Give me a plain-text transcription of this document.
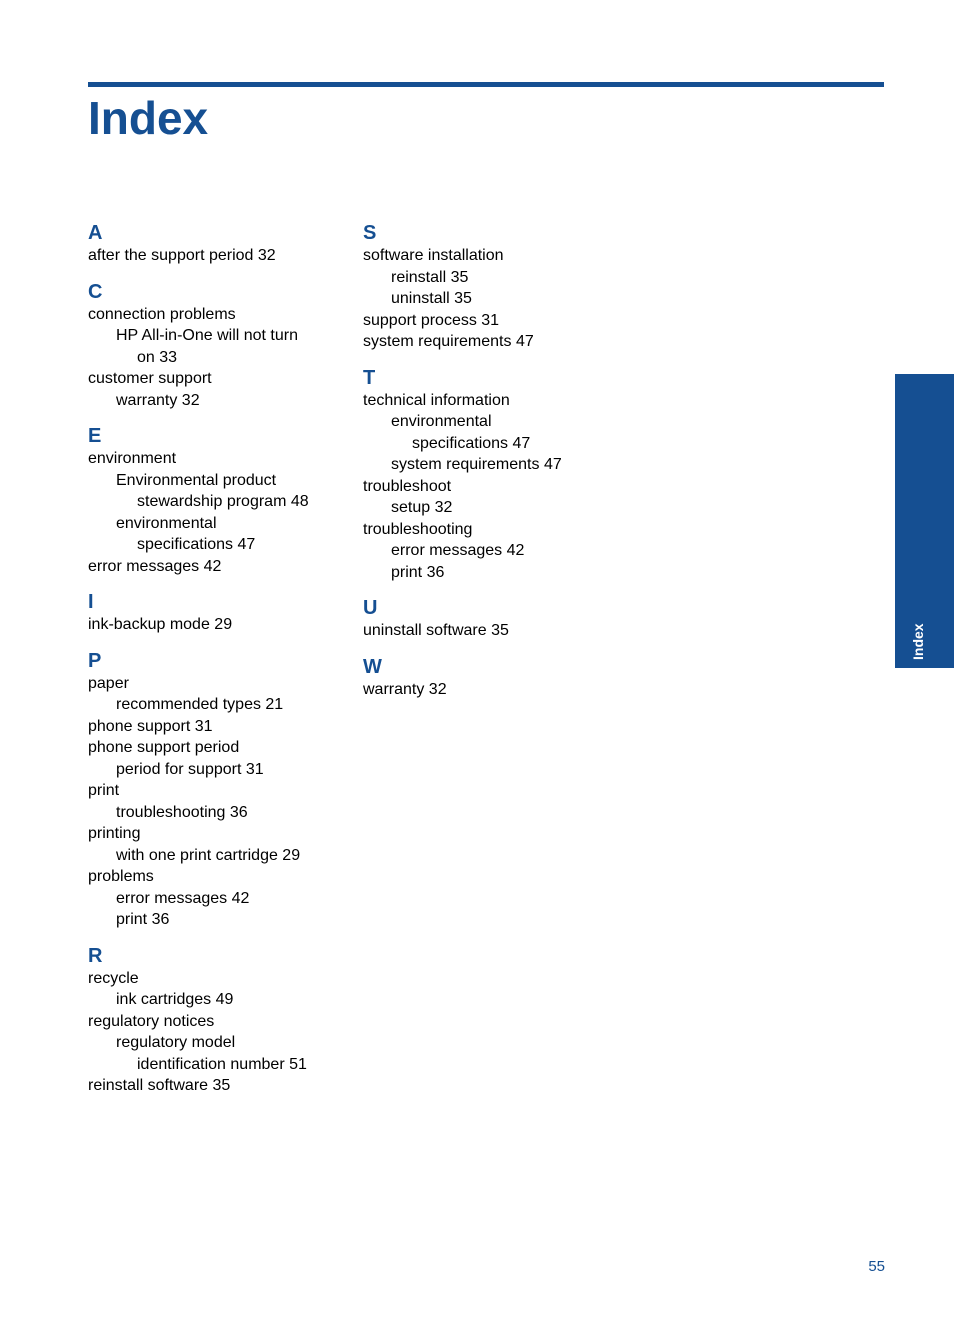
Index
A
after the support period 32
C
connection problems
HP All-in-One will not turn
on 33
customer support
warranty 32
E
environment
Environmental product
stewardship program 48
environmental
specifications 47
error messages 42
I
ink-backup mode 29
P
paper
recommended types 21
phone support 31
phone support period
period for support 31
print
troubleshooting 36
printing
with one print cartridge 29
problems
error messages 42
print 36
R
recycle
ink cartridges 49
regulatory notices
regulatory model
identification number 51
reinstall software 35
S
software installation
reinstall 35
uninstall 35
support process 31
system requirements 47
T
technical information
environmental
specifications 47
system requirements 47
troubleshoot
setup 32
troubleshooting
error messages 42
print 36
U
uninstall software 35
W
warranty 32
Index
55
